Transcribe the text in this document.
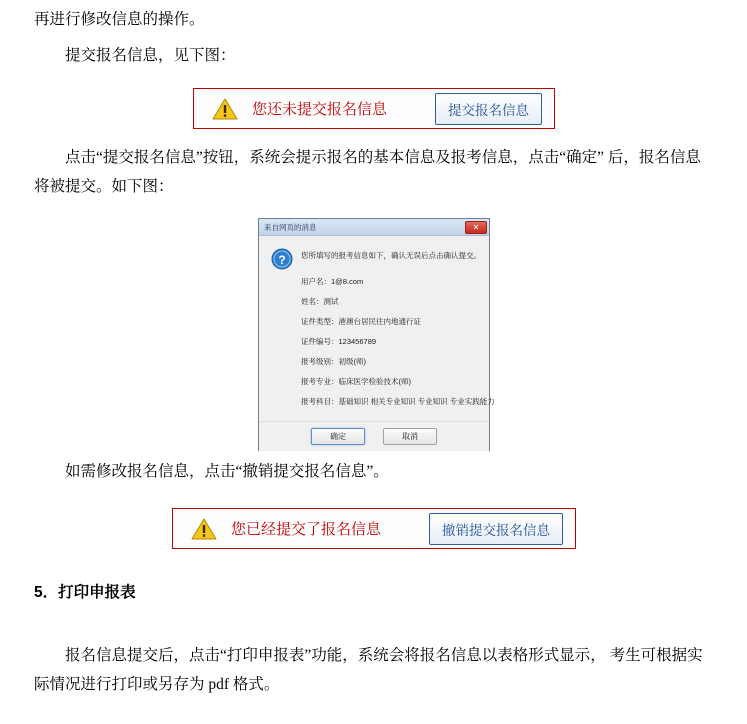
再进行修改信息的操作。
提交报名信息，见下图：
您还未提交报名信息	提交报名信息
点击“提交报名信息”按钮，系统会提示报名的基本信息及报考信息，点击“确定” 后，报名信息将被提交。如下图：
来自网页的消息	✕
? 您所填写的报考信息如下，确认无误后点击确认提交。
用户名：1@8.com
姓名：测试
证件类型：港澳台居民往内地通行证
证件编号：123456789
报考级别：初级(师)
报考专业：临床医学检验技术(师)
报考科目：基础知识 相关专业知识 专业知识 专业实践能力
确定	取消
如需修改报名信息，点击“撤销提交报名信息”。
您已经提交了报名信息	撤销提交报名信息
5．打印申报表
报名信息提交后，点击“打印申报表”功能，系统会将报名信息以表格形式显示， 考生可根据实际情况进行打印或另存为 pdf 格式。
